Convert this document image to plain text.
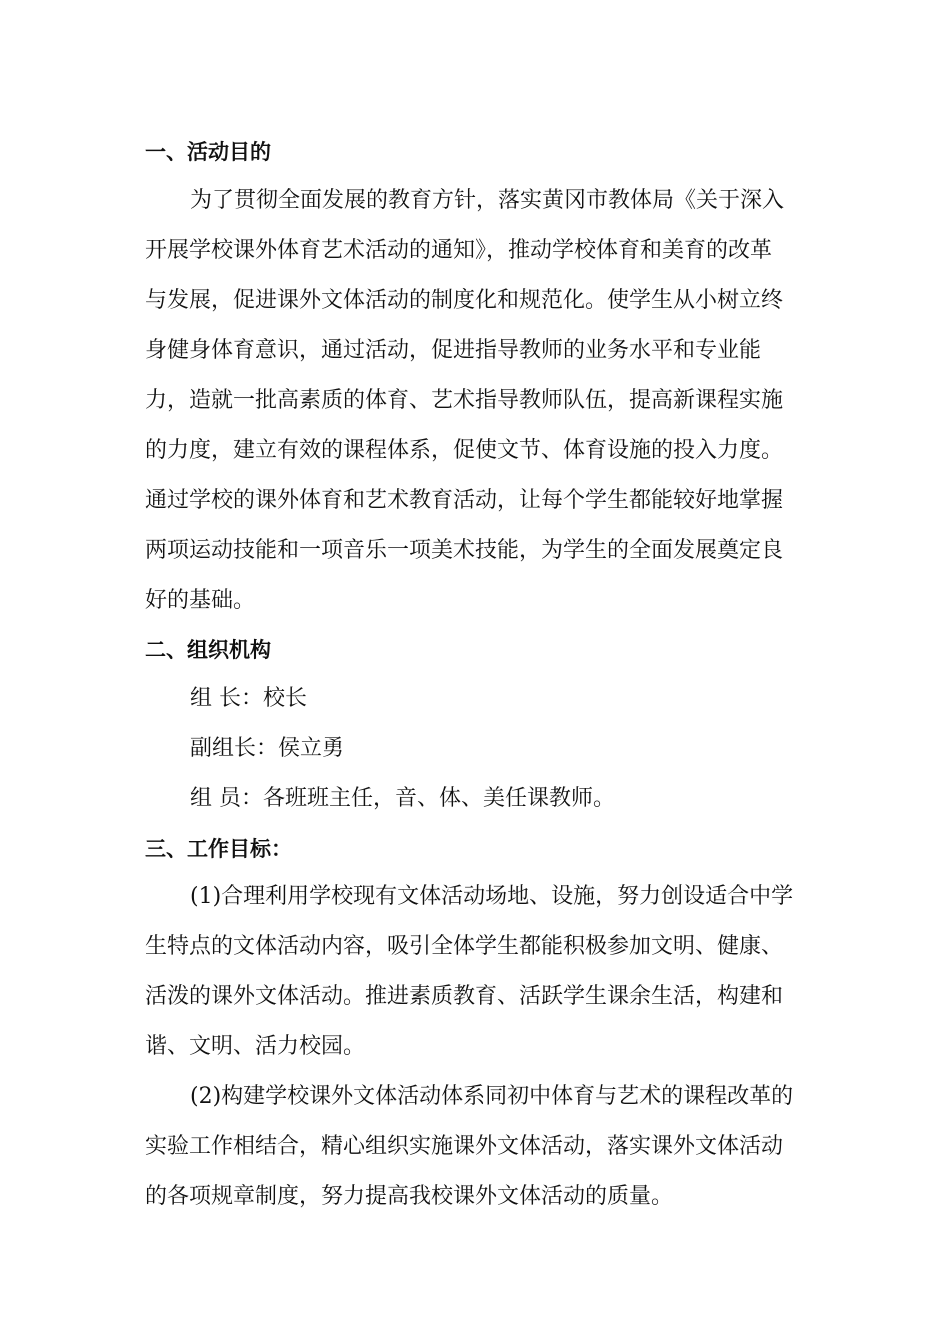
一、活动目的
为了贯彻全面发展的教育方针，落实黄冈市教体局《关于深入
开展学校课外体育艺术活动的通知》，推动学校体育和美育的改革
与发展，促进课外文体活动的制度化和规范化。使学生从小树立终
身健身体育意识，通过活动，促进指导教师的业务水平和专业能
力，造就一批高素质的体育、艺术指导教师队伍，提高新课程实施
的力度，建立有效的课程体系，促使文节、体育设施的投入力度。
通过学校的课外体育和艺术教育活动，让每个学生都能较好地掌握
两项运动技能和一项音乐一项美术技能，为学生的全面发展奠定良
好的基础。
二、组织机构
组 长：校长
副组长：侯立勇
组 员：各班班主任，音、体、美任课教师。
三、工作目标：
(1)合理利用学校现有文体活动场地、设施，努力创设适合中学
生特点的文体活动内容，吸引全体学生都能积极参加文明、健康、
活泼的课外文体活动。推进素质教育、活跃学生课余生活，构建和
谐、文明、活力校园。
(2)构建学校课外文体活动体系同初中体育与艺术的课程改革的
实验工作相结合，精心组织实施课外文体活动，落实课外文体活动
的各项规章制度，努力提高我校课外文体活动的质量。
